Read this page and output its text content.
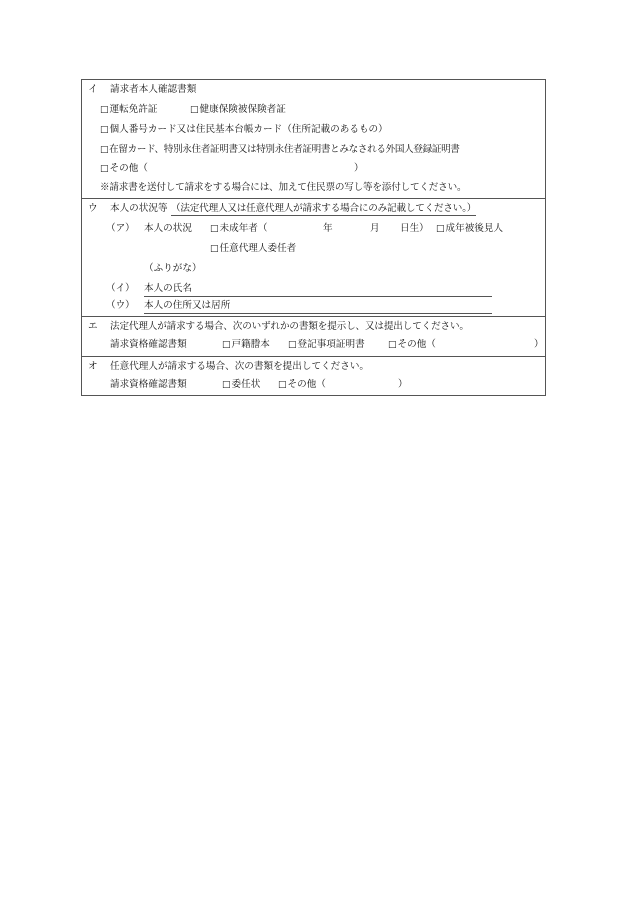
イ 請求者本人確認書類
□運転免許証	□健康保険被保険者証
□個人番号カード又は住民基本台帳カード（住所記載のあるもの）
□在留カード、特別永住者証明書又は特別永住者証明書とみなされる外国人登録証明書
□その他（	）
※請求書を送付して請求をする場合には、加えて住民票の写し等を添付してください。
ウ 本人の状況等 （法定代理人又は任意代理人が請求する場合にのみ記載してください。）
（ア） 本人の状況 □未成年者（	年	月 日生） □成年被後見人
□任意代理人委任者
（ふりがな）
（イ） 本人の氏名
（ウ） 本人の住所又は居所
エ 法定代理人が請求する場合、次のいずれかの書類を提示し、又は提出してください。
請求資格確認書類	□戸籍謄本 □登記事項証明書	□その他（	）
オ 任意代理人が請求する場合、次の書類を提出してください。
請求資格確認書類	□委任状 □その他（	）
